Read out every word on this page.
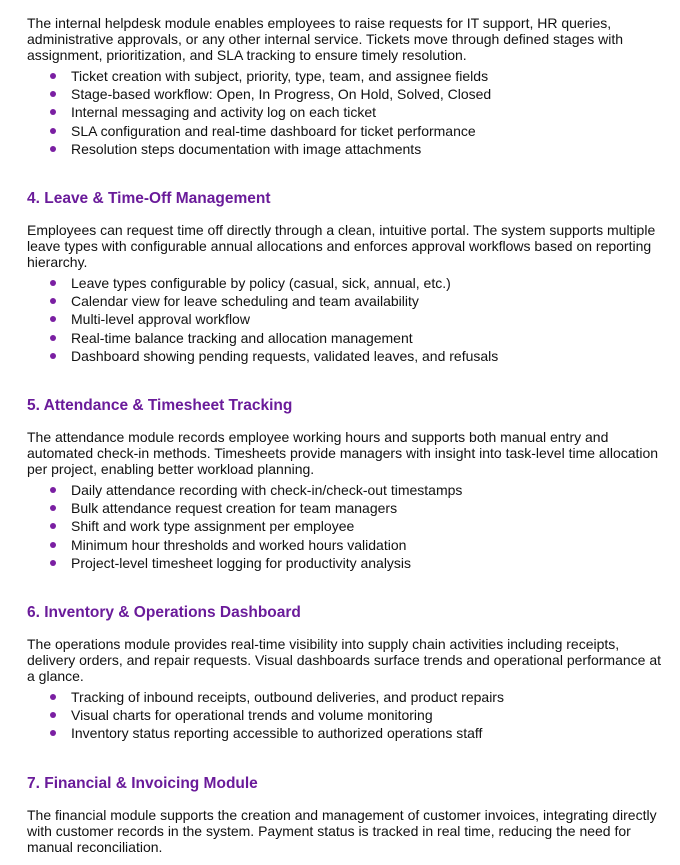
The internal helpdesk module enables employees to raise requests for IT support, HR queries, administrative approvals, or any other internal service. Tickets move through defined stages with assignment, prioritization, and SLA tracking to ensure timely resolution.

Ticket creation with subject, priority, type, team, and assignee fields
Stage-based workflow: Open, In Progress, On Hold, Solved, Closed
Internal messaging and activity log on each ticket
SLA configuration and real-time dashboard for ticket performance
Resolution steps documentation with image attachments
4. Leave & Time-Off Management

Employees can request time off directly through a clean, intuitive portal. The system supports multiple leave types with configurable annual allocations and enforces approval workflows based on reporting hierarchy.

Leave types configurable by policy (casual, sick, annual, etc.)
Calendar view for leave scheduling and team availability
Multi-level approval workflow
Real-time balance tracking and allocation management
Dashboard showing pending requests, validated leaves, and refusals
5. Attendance & Timesheet Tracking

The attendance module records employee working hours and supports both manual entry and automated check-in methods. Timesheets provide managers with insight into task-level time allocation per project, enabling better workload planning.

Daily attendance recording with check-in/check-out timestamps
Bulk attendance request creation for team managers
Shift and work type assignment per employee
Minimum hour thresholds and worked hours validation
Project-level timesheet logging for productivity analysis
6. Inventory & Operations Dashboard

The operations module provides real-time visibility into supply chain activities including receipts, delivery orders, and repair requests. Visual dashboards surface trends and operational performance at a glance.

Tracking of inbound receipts, outbound deliveries, and product repairs
Visual charts for operational trends and volume monitoring
Inventory status reporting accessible to authorized operations staff
7. Financial & Invoicing Module

The financial module supports the creation and management of customer invoices, integrating directly with customer records in the system. Payment status is tracked in real time, reducing the need for manual reconciliation.
